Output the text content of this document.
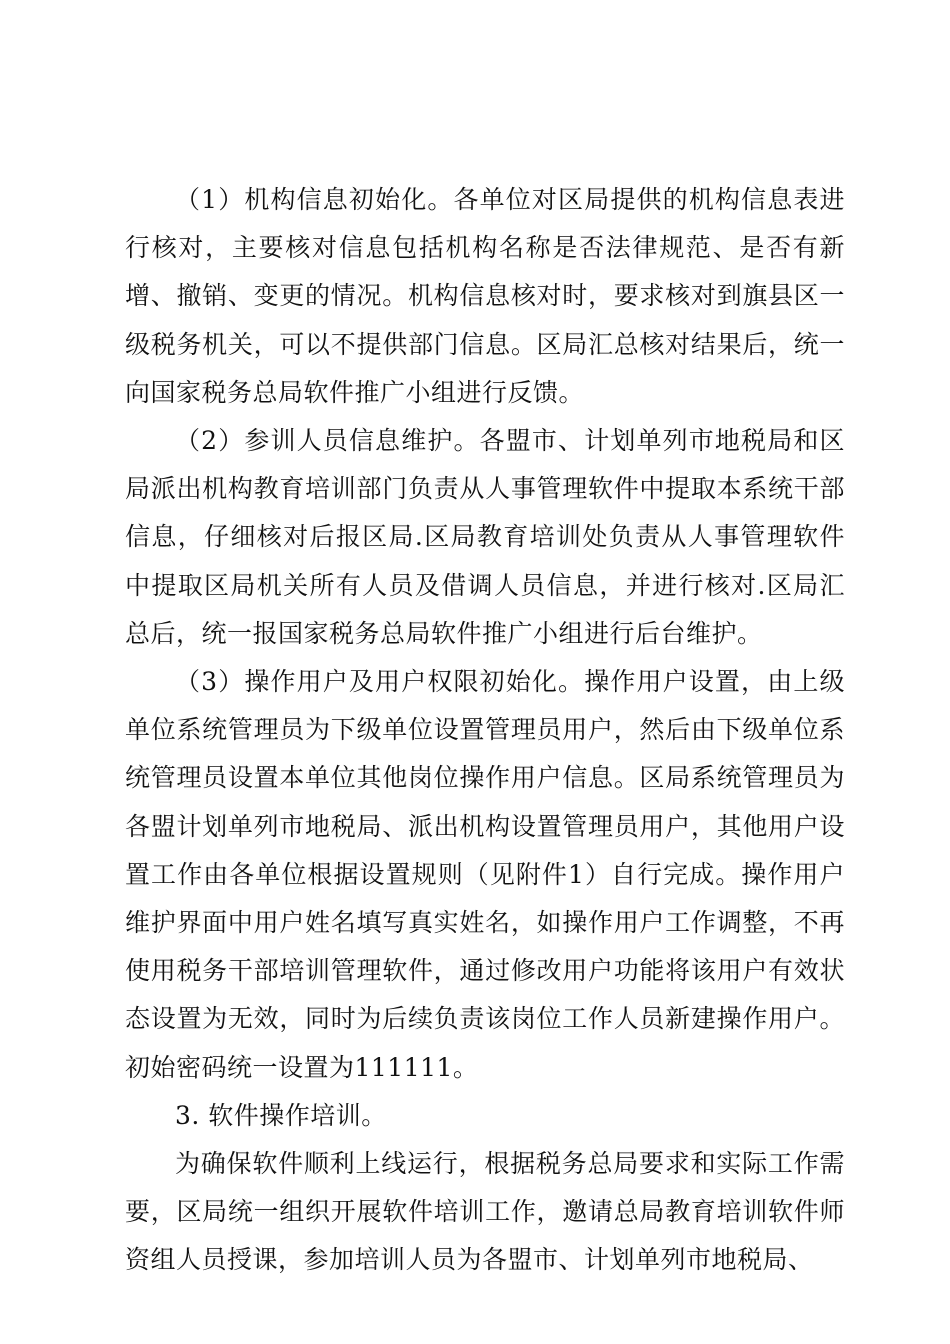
（1）机构信息初始化。各单位对区局提供的机构信息表进行核对，主要核对信息包括机构名称是否法律规范、是否有新增、撤销、变更的情况。机构信息核对时，要求核对到旗县区一级税务机关，可以不提供部门信息。区局汇总核对结果后，统一向国家税务总局软件推广小组进行反馈。

（2）参训人员信息维护。各盟市、计划单列市地税局和区局派出机构教育培训部门负责从人事管理软件中提取本系统干部信息，仔细核对后报区局.区局教育培训处负责从人事管理软件中提取区局机关所有人员及借调人员信息，并进行核对.区局汇总后，统一报国家税务总局软件推广小组进行后台维护。

（3）操作用户及用户权限初始化。操作用户设置，由上级单位系统管理员为下级单位设置管理员用户，然后由下级单位系统管理员设置本单位其他岗位操作用户信息。区局系统管理员为各盟计划单列市地税局、派出机构设置管理员用户，其他用户设置工作由各单位根据设置规则（见附件1）自行完成。操作用户维护界面中用户姓名填写真实姓名，如操作用户工作调整，不再使用税务干部培训管理软件，通过修改用户功能将该用户有效状态设置为无效，同时为后续负责该岗位工作人员新建操作用户。初始密码统一设置为111111。

3. 软件操作培训。

为确保软件顺利上线运行，根据税务总局要求和实际工作需要，区局统一组织开展软件培训工作，邀请总局教育培训软件师资组人员授课，参加培训人员为各盟市、计划单列市地税局、
